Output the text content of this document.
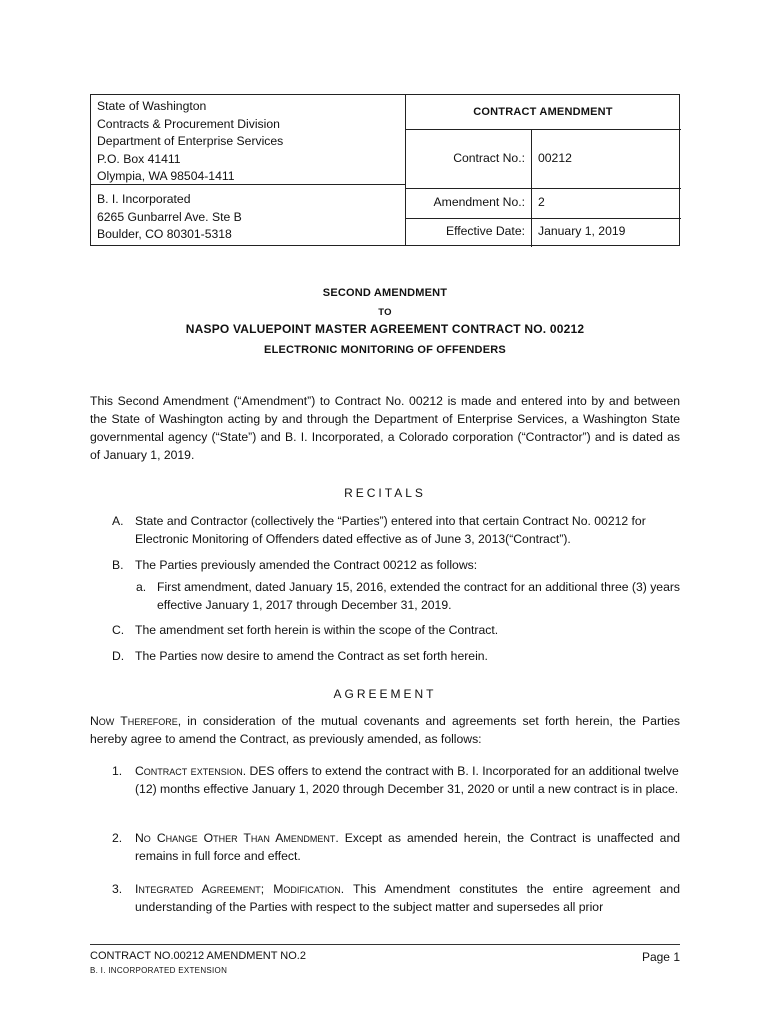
State of Washington
Contracts & Procurement Division
Department of Enterprise Services
P.O. Box 41411
Olympia, WA 98504-1411
B. I. Incorporated
6265 Gunbarrel Ave. Ste B
Boulder, CO 80301-5318
CONTRACT AMENDMENT
Contract No.: 00212
Amendment No.: 2
Effective Date: January 1, 2019
SECOND AMENDMENT
TO
NASPO VALUEPOINT MASTER AGREEMENT CONTRACT NO. 00212
ELECTRONIC MONITORING OF OFFENDERS
This Second Amendment (“Amendment”) to Contract No. 00212 is made and entered into by and between the State of Washington acting by and through the Department of Enterprise Services, a Washington State governmental agency (“State”) and B. I. Incorporated, a Colorado corporation (“Contractor”) and is dated as of January 1, 2019.
RECITALS
A. State and Contractor (collectively the “Parties”) entered into that certain Contract No. 00212 for Electronic Monitoring of Offenders dated effective as of June 3, 2013(“Contract”).
B. The Parties previously amended the Contract 00212 as follows:
a. First amendment, dated January 15, 2016, extended the contract for an additional three (3) years effective January 1, 2017 through December 31, 2019.
C. The amendment set forth herein is within the scope of the Contract.
D. The Parties now desire to amend the Contract as set forth herein.
AGREEMENT
Now Therefore, in consideration of the mutual covenants and agreements set forth herein, the Parties hereby agree to amend the Contract, as previously amended, as follows:
1. Contract extension. DES offers to extend the contract with B. I. Incorporated for an additional twelve (12) months effective January 1, 2020 through December 31, 2020 or until a new contract is in place.
2. No Change Other Than Amendment. Except as amended herein, the Contract is unaffected and remains in full force and effect.
3. Integrated Agreement; Modification. This Amendment constitutes the entire agreement and understanding of the Parties with respect to the subject matter and supersedes all prior
CONTRACT NO.00212 AMENDMENT NO.2
B. I. INCORPORATED EXTENSION
Page 1
